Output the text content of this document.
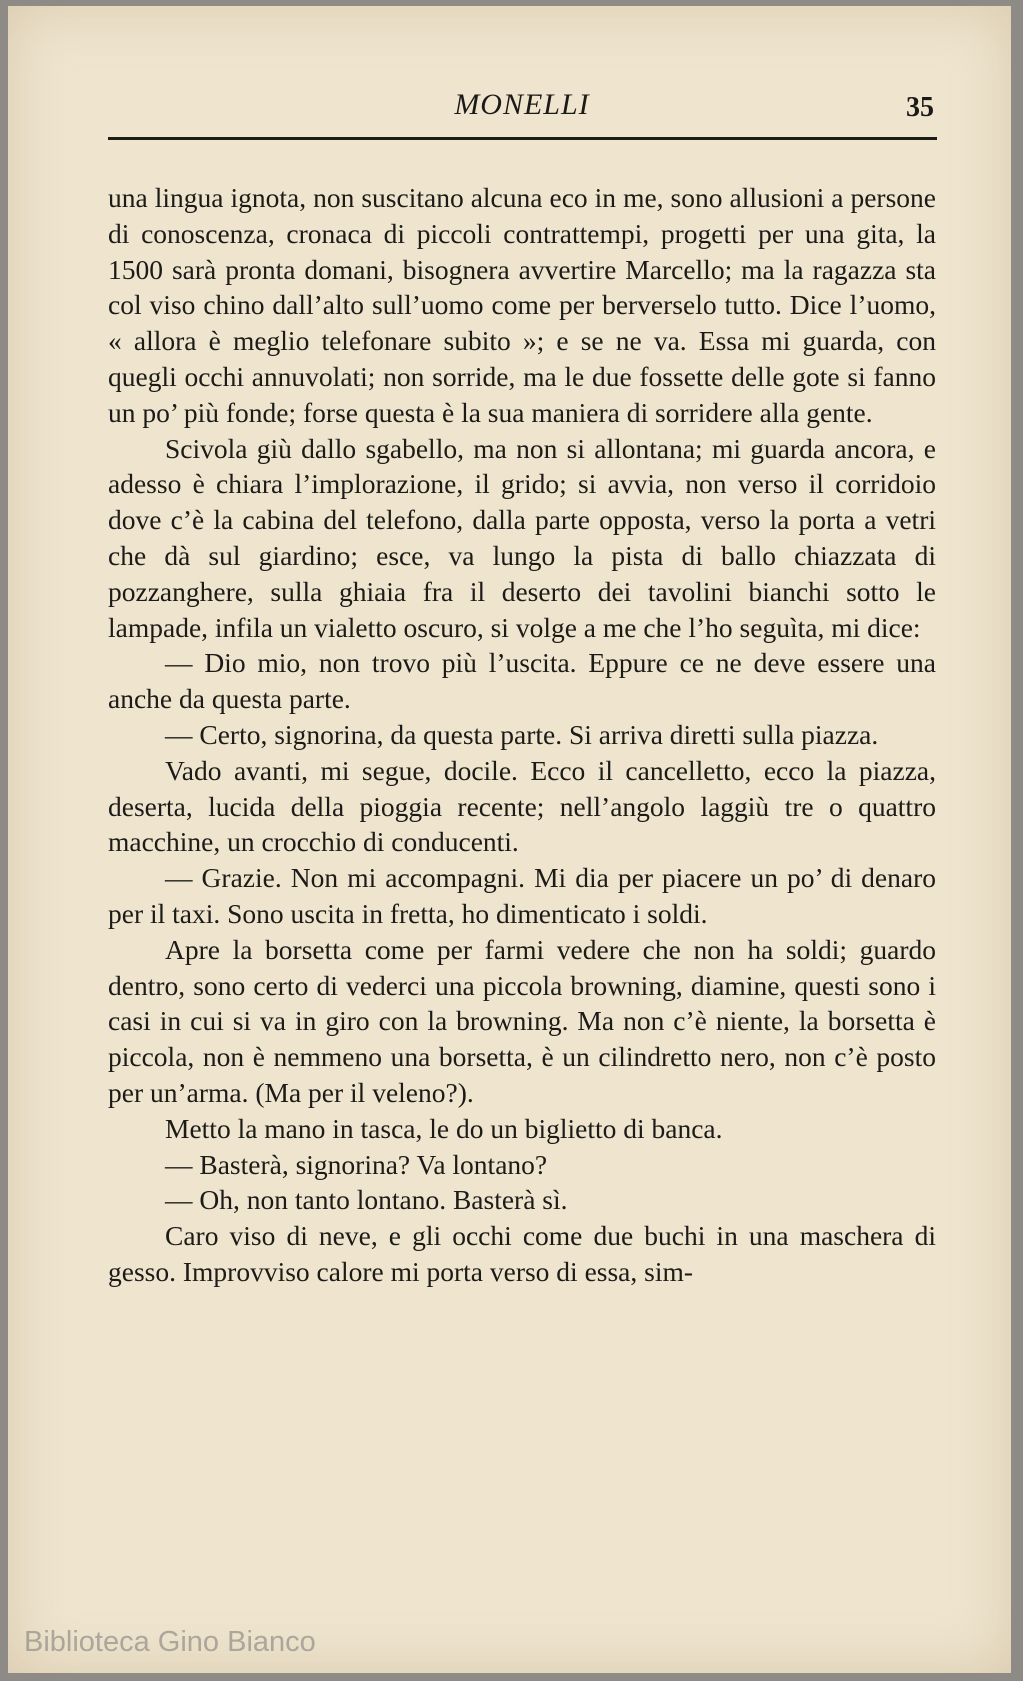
MONELLI	35

una lingua ignota, non suscitano alcuna eco in me, sono allusioni a persone di conoscenza, cronaca di piccoli contrattempi, progetti per una gita, la 1500 sarà pronta domani, bisognera avvertire Marcello; ma la ragazza sta col viso chino dall’alto sull’uomo come per berverselo tutto. Dice l’uomo, « allora è meglio telefonare subito »; e se ne va. Essa mi guarda, con quegli occhi annuvolati; non sorride, ma le due fossette delle gote si fanno un po’ più fonde; forse questa è la sua maniera di sorridere alla gente.

Scivola giù dallo sgabello, ma non si allontana; mi guarda ancora, e adesso è chiara l’implorazione, il grido; si avvia, non verso il corridoio dove c’è la cabina del telefono, dalla parte opposta, verso la porta a vetri che dà sul giardino; esce, va lungo la pista di ballo chiazzata di pozzanghere, sulla ghiaia fra il deserto dei tavolini bianchi sotto le lampade, infila un vialetto oscuro, si volge a me che l’ho seguìta, mi dice:

— Dio mio, non trovo più l’uscita. Eppure ce ne deve essere una anche da questa parte.

— Certo, signorina, da questa parte. Si arriva diretti sulla piazza.

Vado avanti, mi segue, docile. Ecco il cancelletto, ecco la piazza, deserta, lucida della pioggia recente; nell’angolo laggiù tre o quattro macchine, un crocchio di conducenti.

— Grazie. Non mi accompagni. Mi dia per piacere un po’ di denaro per il taxi. Sono uscita in fretta, ho dimenticato i soldi.

Apre la borsetta come per farmi vedere che non ha soldi; guardo dentro, sono certo di vederci una piccola browning, diamine, questi sono i casi in cui si va in giro con la browning. Ma non c’è niente, la borsetta è piccola, non è nemmeno una borsetta, è un cilindretto nero, non c’è posto per un’arma. (Ma per il veleno?).

Metto la mano in tasca, le do un biglietto di banca.

— Basterà, signorina? Va lontano?

— Oh, non tanto lontano. Basterà sì.

Caro viso di neve, e gli occhi come due buchi in una maschera di gesso. Improvviso calore mi porta verso di essa, sim-

Biblioteca Gino Bianco
